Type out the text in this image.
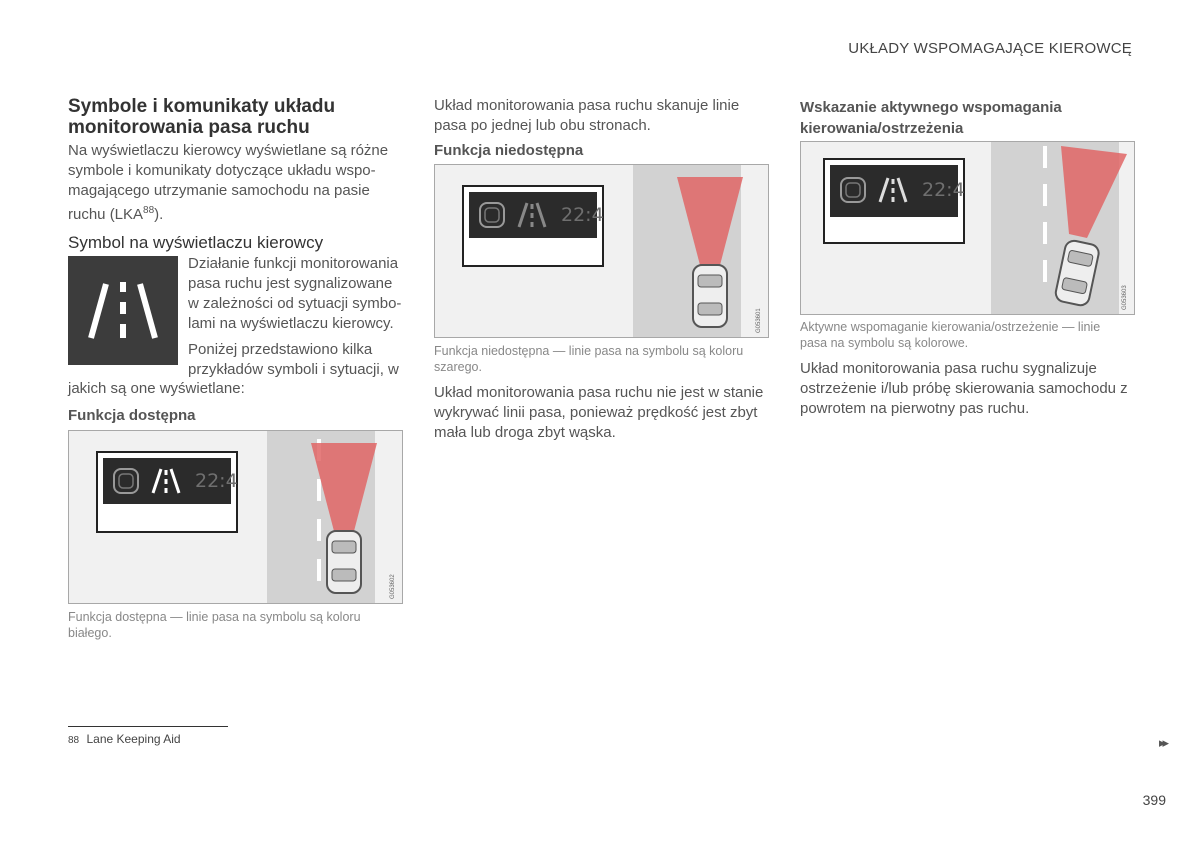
UKŁADY WSPOMAGAJĄCE KIEROWCĘ
Symbole i komunikaty układu monitorowania pasa ruchu
Na wyświetlaczu kierowcy wyświetlane są różne symbole i komunikaty dotyczące układu wspo-magającego utrzymanie samochodu na pasie ruchu (LKA$^{88}$).
Symbol na wyświetlaczu kierowcy
Działanie funkcji monitorowania pasa ruchu jest sygnalizowane w zależności od sytuacji symbo-lami na wyświetlaczu kierowcy.
Poniżej przedstawiono kilka przykładów symboli i sytuacji, w
jakich są one wyświetlane:
Funkcja dostępna
22:4
G053602
Funkcja dostępna — linie pasa na symbolu są koloru białego.
Układ monitorowania pasa ruchu skanuje linie pasa po jednej lub obu stronach.
Funkcja niedostępna
22:4
G053601
Funkcja niedostępna — linie pasa na symbolu są koloru szarego.
Układ monitorowania pasa ruchu nie jest w stanie wykrywać linii pasa, ponieważ prędkość jest zbyt mała lub droga zbyt wąska.
Wskazanie aktywnego wspomagania kierowania/ostrzeżenia
22:4
G053603
Aktywne wspomaganie kierowania/ostrzeżenie — linie pasa na symbolu są kolorowe.
Układ monitorowania pasa ruchu sygnalizuje ostrzeżenie i/lub próbę skierowania samochodu z powrotem na pierwotny pas ruchu.
88 Lane Keeping Aid	▸▸
399
